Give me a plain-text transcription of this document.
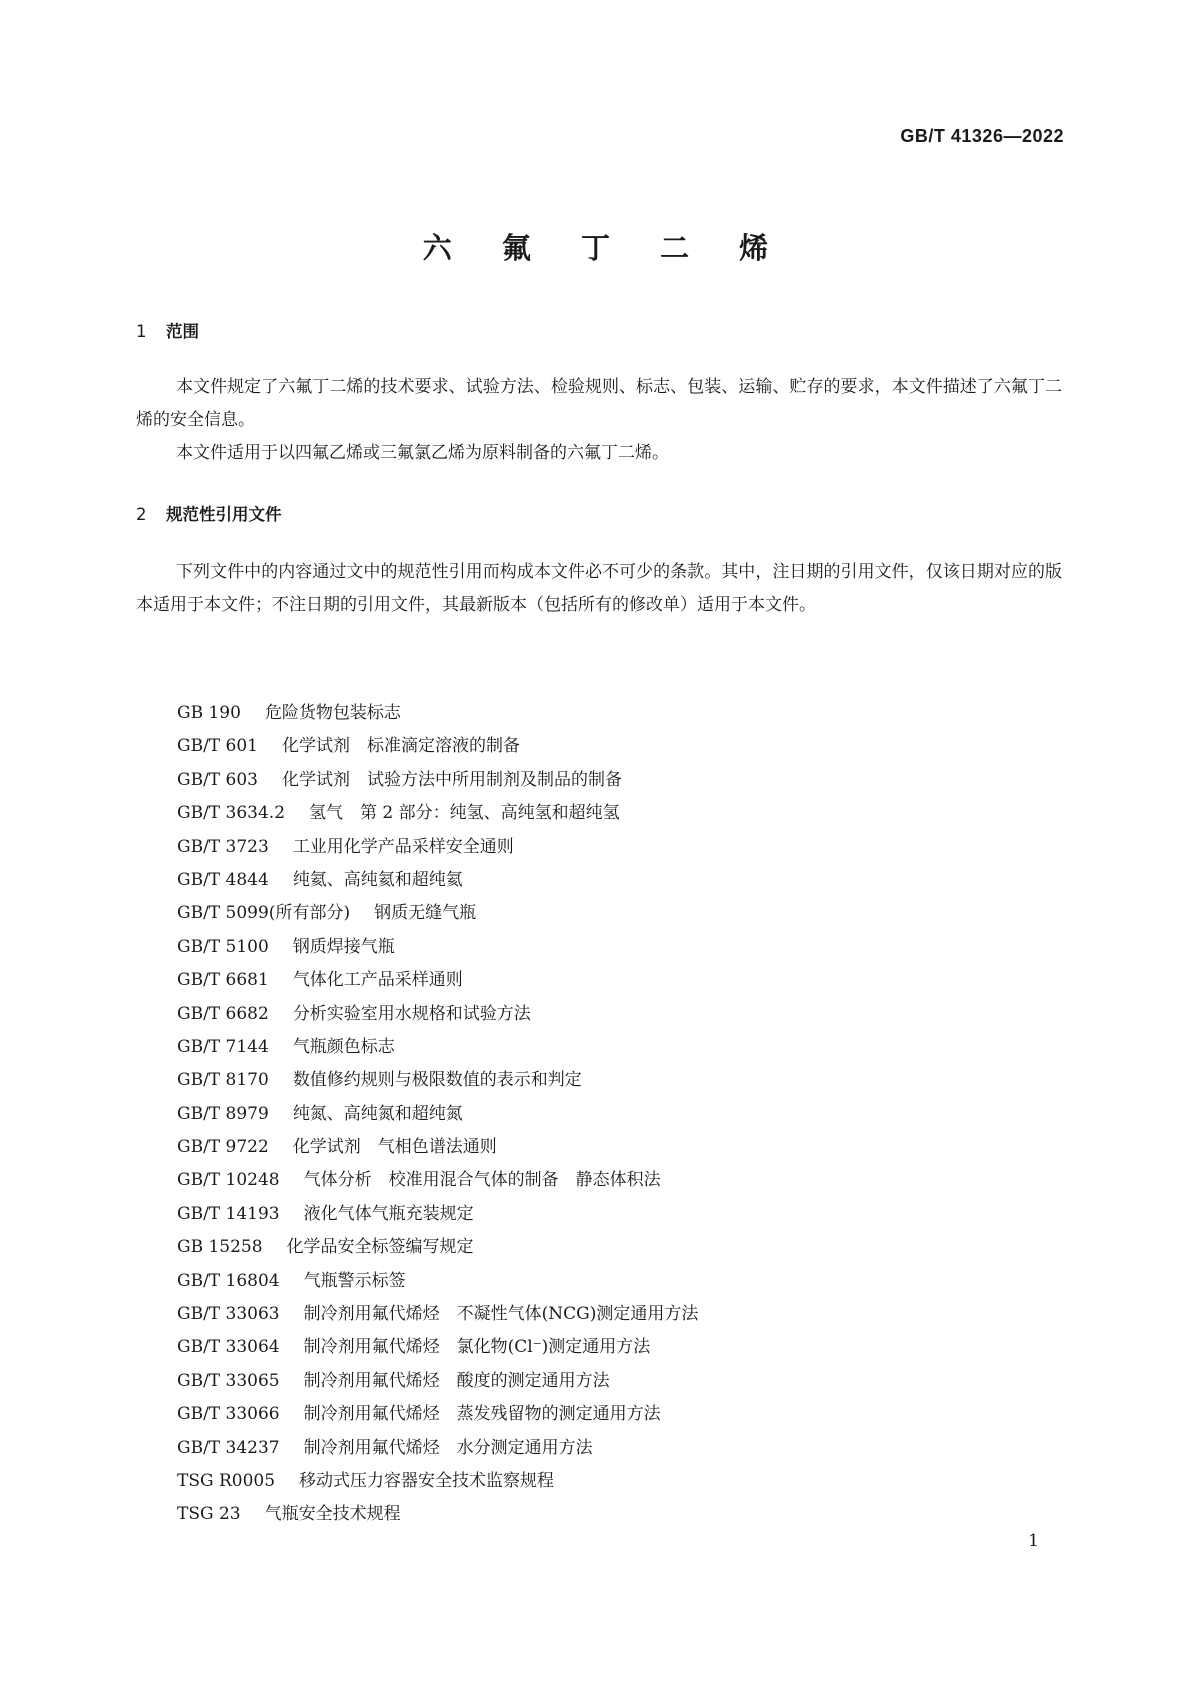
GB/T 41326—2022
六 氟 丁 二 烯
1 范围

本文件规定了六氟丁二烯的技术要求、试验方法、检验规则、标志、包装、运输、贮存的要求，本文件描述了六氟丁二烯的安全信息。

本文件适用于以四氟乙烯或三氟氯乙烯为原料制备的六氟丁二烯。

2 规范性引用文件

下列文件中的内容通过文中的规范性引用而构成本文件必不可少的条款。其中，注日期的引用文件，仅该日期对应的版本适用于本文件；不注日期的引用文件，其最新版本（包括所有的修改单）适用于本文件。

GB 190 危险货物包装标志
GB/T 601 化学试剂　标准滴定溶液的制备
GB/T 603 化学试剂　试验方法中所用制剂及制品的制备
GB/T 3634.2 氢气　第 2 部分：纯氢、高纯氢和超纯氢
GB/T 3723 工业用化学产品采样安全通则
GB/T 4844 纯氦、高纯氦和超纯氦
GB/T 5099(所有部分) 钢质无缝气瓶
GB/T 5100 钢质焊接气瓶
GB/T 6681 气体化工产品采样通则
GB/T 6682 分析实验室用水规格和试验方法
GB/T 7144 气瓶颜色标志
GB/T 8170 数值修约规则与极限数值的表示和判定
GB/T 8979 纯氮、高纯氮和超纯氮
GB/T 9722 化学试剂　气相色谱法通则
GB/T 10248 气体分析　校准用混合气体的制备　静态体积法
GB/T 14193 液化气体气瓶充装规定
GB 15258 化学品安全标签编写规定
GB/T 16804 气瓶警示标签
GB/T 33063 制冷剂用氟代烯烃　不凝性气体(NCG)测定通用方法
GB/T 33064 制冷剂用氟代烯烃　氯化物(Cl⁻)测定通用方法
GB/T 33065 制冷剂用氟代烯烃　酸度的测定通用方法
GB/T 33066 制冷剂用氟代烯烃　蒸发残留物的测定通用方法
GB/T 34237 制冷剂用氟代烯烃　水分测定通用方法
TSG R0005 移动式压力容器安全技术监察规程
TSG 23 气瓶安全技术规程
1
